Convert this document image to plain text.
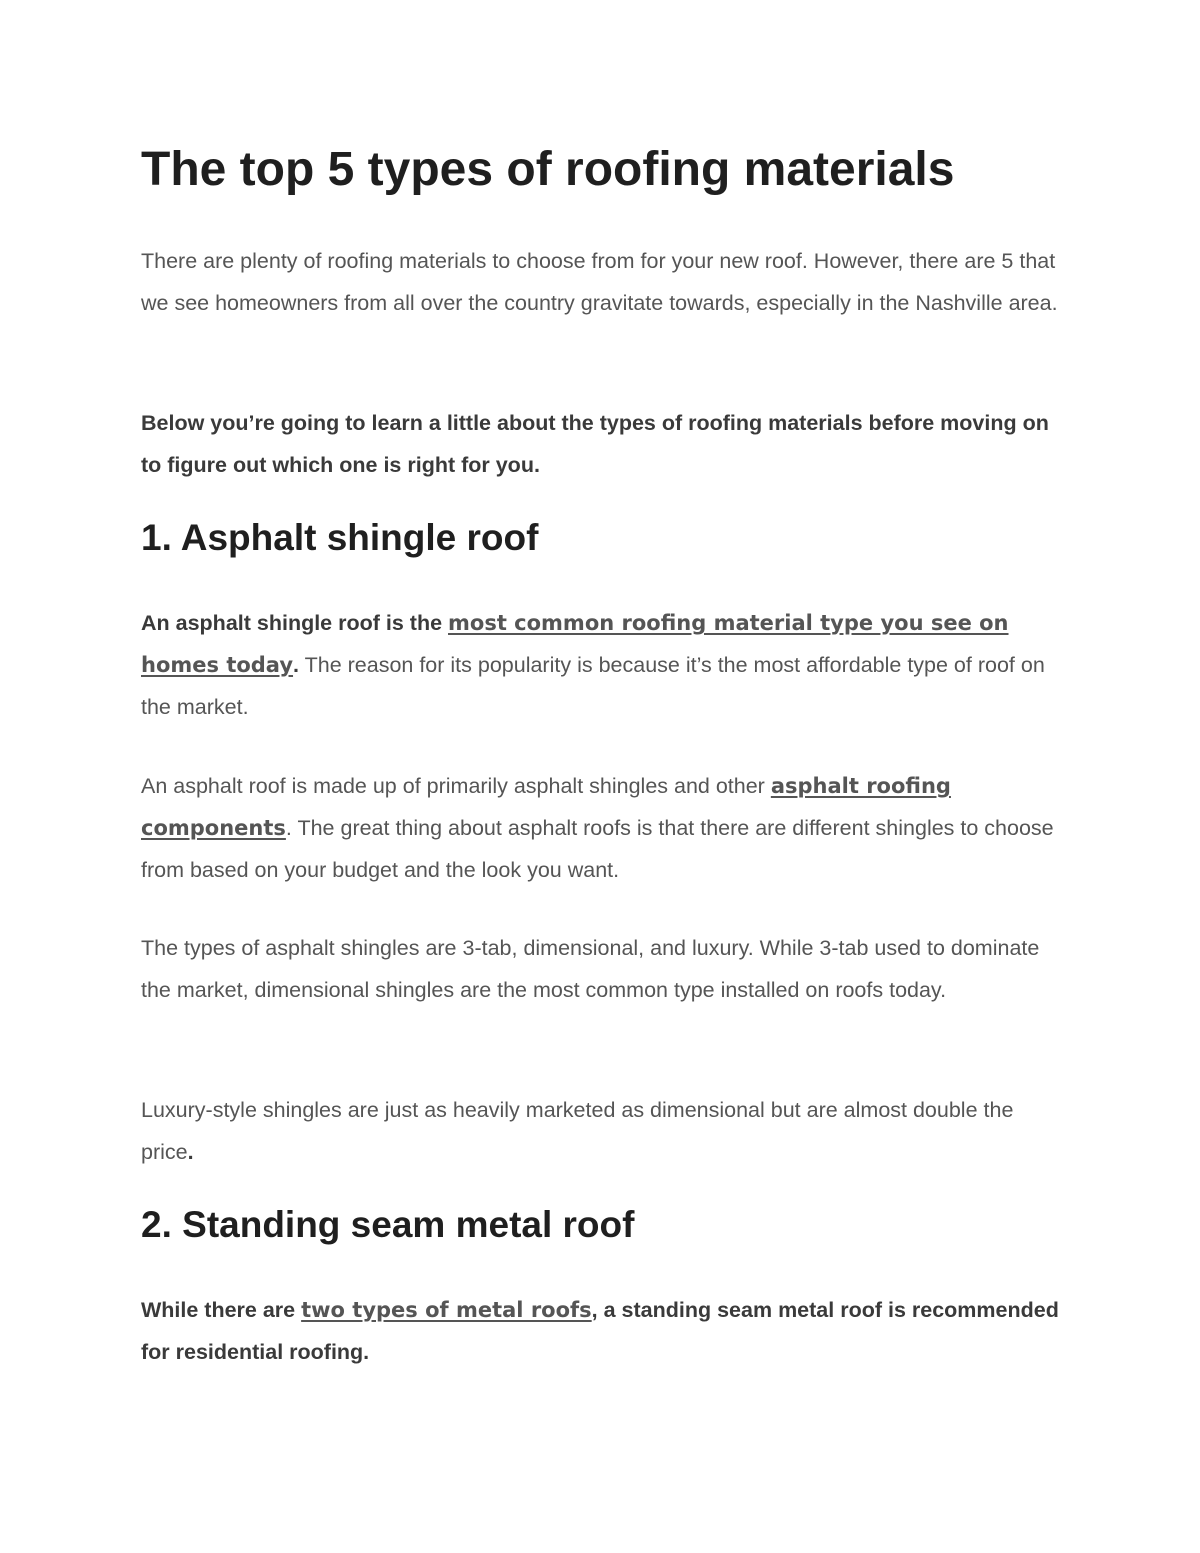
The top 5 types of roofing materials

There are plenty of roofing materials to choose from for your new roof. However, there are 5 that we see homeowners from all over the country gravitate towards, especially in the Nashville area.

Below you’re going to learn a little about the types of roofing materials before moving on to figure out which one is right for you.

1. Asphalt shingle roof

An asphalt shingle roof is the most common roofing material type you see on homes today. The reason for its popularity is because it’s the most affordable type of roof on the market.

An asphalt roof is made up of primarily asphalt shingles and other asphalt roofing components. The great thing about asphalt roofs is that there are different shingles to choose from based on your budget and the look you want.

The types of asphalt shingles are 3-tab, dimensional, and luxury. While 3-tab used to dominate the market, dimensional shingles are the most common type installed on roofs today.

Luxury-style shingles are just as heavily marketed as dimensional but are almost double the price.

2. Standing seam metal roof

While there are two types of metal roofs, a standing seam metal roof is recommended for residential roofing.
